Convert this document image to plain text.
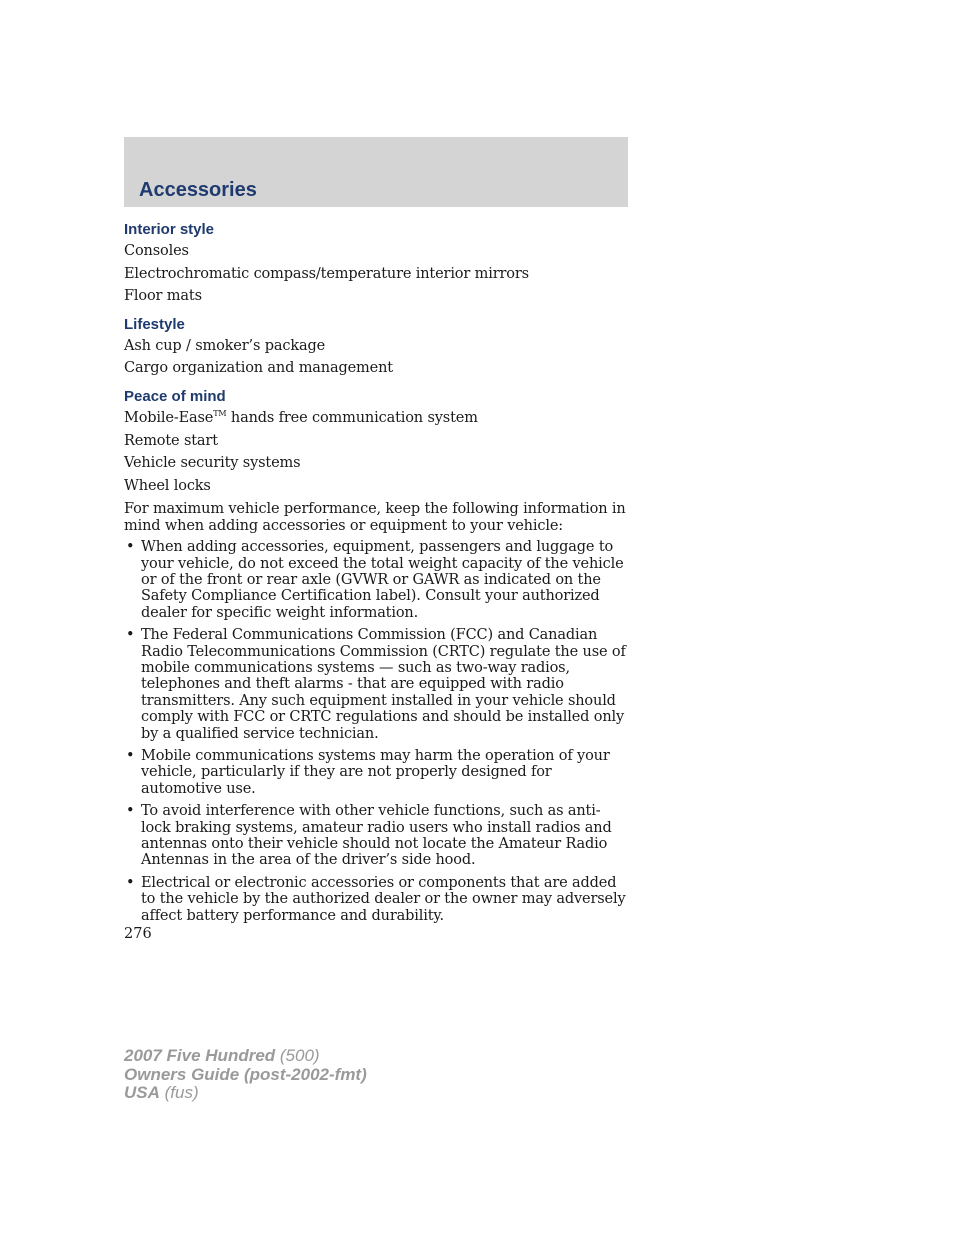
Accessories
Interior style

Consoles

Electrochromatic compass/temperature interior mirrors

Floor mats

Lifestyle

Ash cup / smoker’s package

Cargo organization and management

Peace of mind

Mobile-Ease™ hands free communication system

Remote start

Vehicle security systems

Wheel locks

For maximum vehicle performance, keep the following information in mind when adding accessories or equipment to your vehicle:

• When adding accessories, equipment, passengers and luggage to your vehicle, do not exceed the total weight capacity of the vehicle or of the front or rear axle (GVWR or GAWR as indicated on the Safety Compliance Certification label). Consult your authorized dealer for specific weight information.
• The Federal Communications Commission (FCC) and Canadian Radio Telecommunications Commission (CRTC) regulate the use of mobile communications systems — such as two-way radios, telephones and theft alarms - that are equipped with radio transmitters. Any such equipment installed in your vehicle should comply with FCC or CRTC regulations and should be installed only by a qualified service technician.
• Mobile communications systems may harm the operation of your vehicle, particularly if they are not properly designed for automotive use.
• To avoid interference with other vehicle functions, such as anti-lock braking systems, amateur radio users who install radios and antennas onto their vehicle should not locate the Amateur Radio Antennas in the area of the driver’s side hood.
• Electrical or electronic accessories or components that are added to the vehicle by the authorized dealer or the owner may adversely affect battery performance and durability.

276

2007 Five Hundred (500)
Owners Guide (post-2002-fmt)
USA (fus)
